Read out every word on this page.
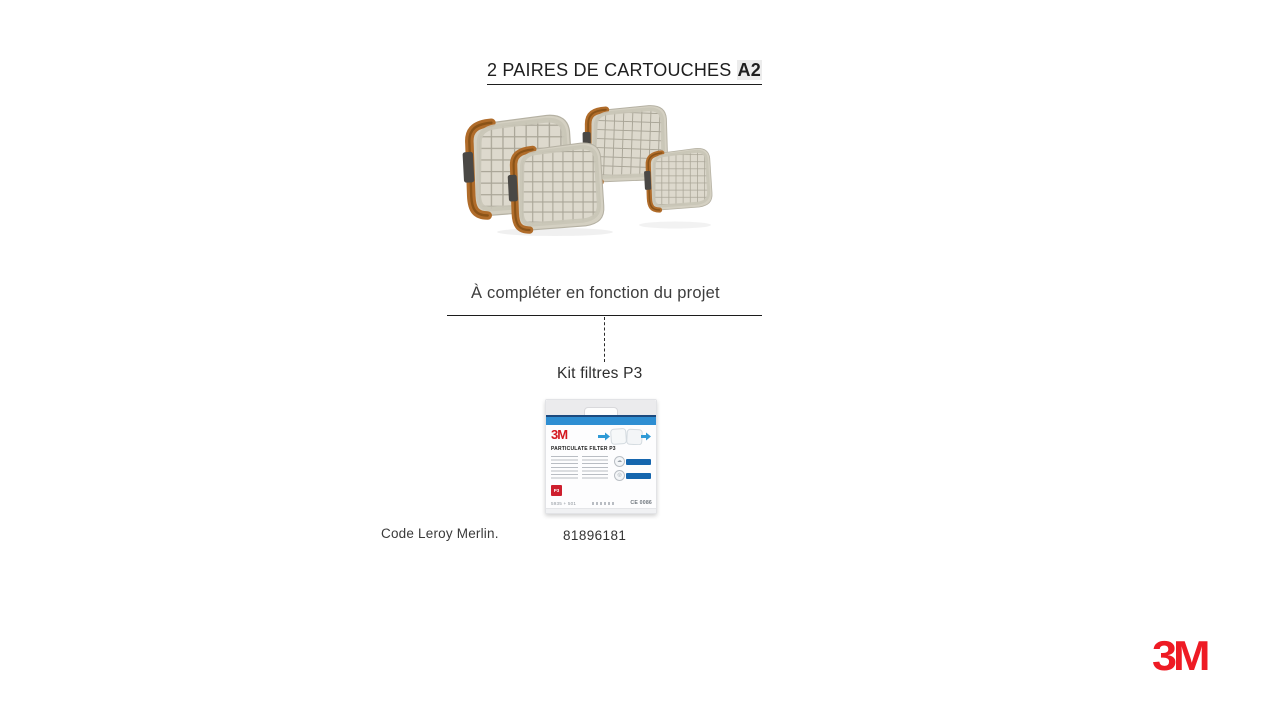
2 PAIRES DE CARTOUCHES A2
À compléter en fonction du projet
Kit filtres P3
3M
PARTICULATE FILTER P3
☁
◎
P3
5935 + 501	CE 0086
Code Leroy Merlin.	81896181
3M
